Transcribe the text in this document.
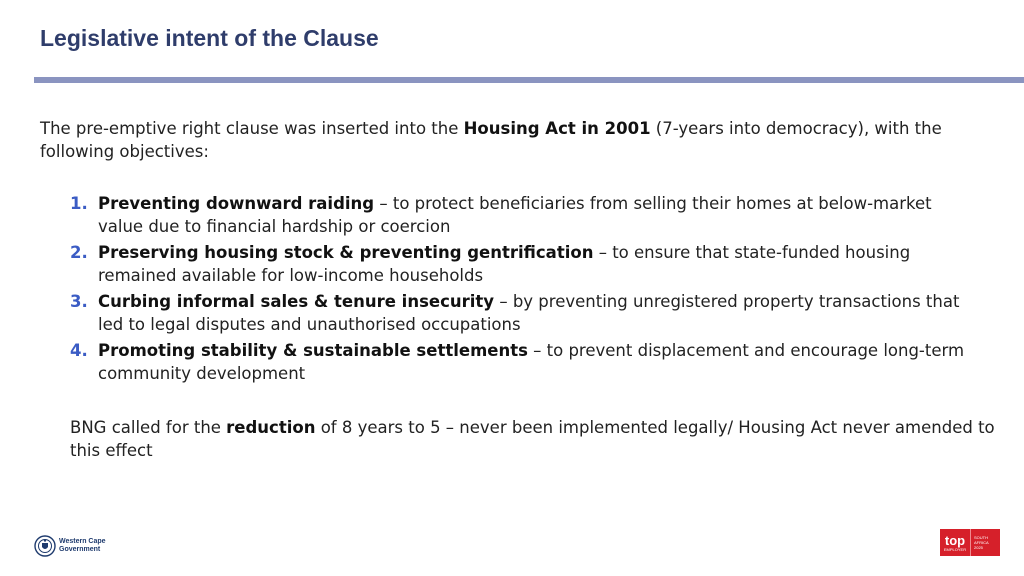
Legislative intent of the Clause

The pre-emptive right clause was inserted into the Housing Act in 2001 (7-years into democracy), with the following objectives:

1. Preventing downward raiding – to protect beneficiaries from selling their homes at below-market value due to financial hardship or coercion
2. Preserving housing stock & preventing gentrification – to ensure that state-funded housing remained available for low-income households
3. Curbing informal sales & tenure insecurity – by preventing unregistered property transactions that led to legal disputes and unauthorised occupations
4. Promoting stability & sustainable settlements – to prevent displacement and encourage long-term community development

BNG called for the reduction of 8 years to 5 – never been implemented legally/ Housing Act never amended to this effect

Western Cape
Government
top
EMPLOYER
SOUTH
AFRICA
2025
